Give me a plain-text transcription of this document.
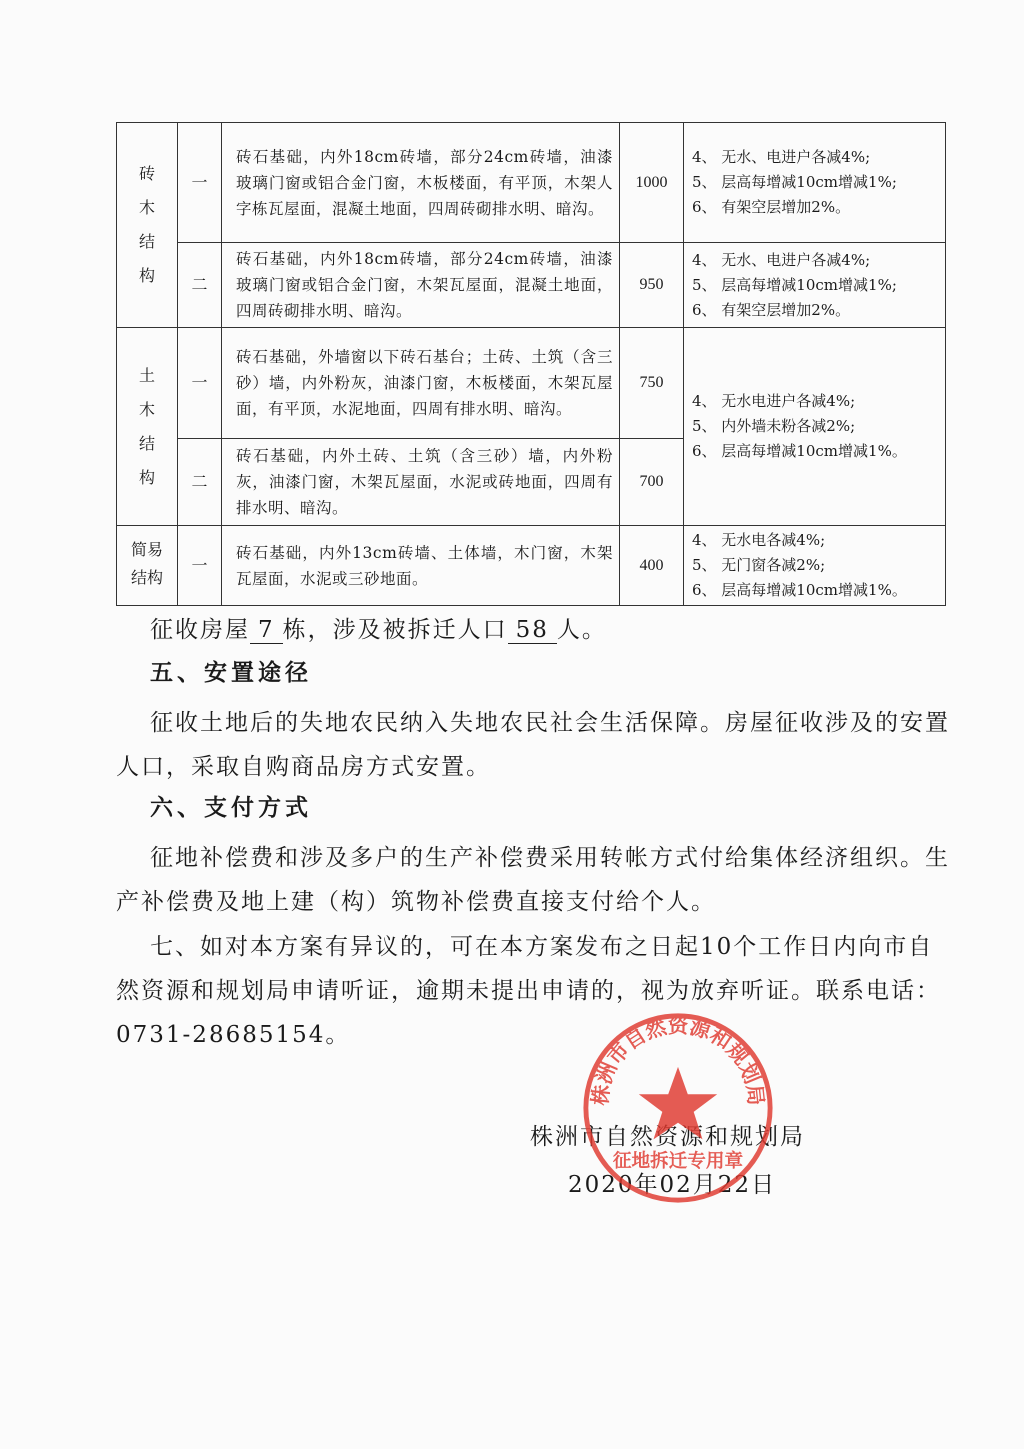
砖木结构	一	砖石基础，内外18cm砖墙，部分24cm砖墙，油漆玻璃门窗或铝合金门窗，木板楼面，有平顶，木架人字栋瓦屋面，混凝土地面，四周砖砌排水明、暗沟。	1000	4、 无水、电进户各减4%;
5、 层高每增减10cm增减1%;
6、 有架空层增加2%。

	二	砖石基础，内外18cm砖墙，部分24cm砖墙，油漆玻璃门窗或铝合金门窗，木架瓦屋面，混凝土地面，四周砖砌排水明、暗沟。	950	4、 无水、电进户各减4%;
5、 层高每增减10cm增减1%;
6、 有架空层增加2%。

土木结构	一	砖石基础，外墙窗以下砖石基台；土砖、土筑（含三砂）墙，内外粉灰，油漆门窗，木板楼面，木架瓦屋面，有平顶，水泥地面，四周有排水明、暗沟。	750	4、 无水电进户各减4%;
5、 内外墙未粉各减2%;
6、 层高每增减10cm增减1%。

	二	砖石基础，内外土砖、土筑（含三砂）墙，内外粉灰，油漆门窗，木架瓦屋面，水泥或砖地面，四周有排水明、暗沟。	700	
简易结构	一	砖石基础，内外13cm砖墙、土体墙，木门窗，木架瓦屋面，水泥或三砂地面。	400	4、 无水电各减4%;
5、 无门窗各减2%;
6、 层高每增减10cm增减1%。
征收房屋 7 栋，涉及被拆迁人口 58 人。
五、安置途径
征收土地后的失地农民纳入失地农民社会生活保障。房屋征收涉及的安置人口，采取自购商品房方式安置。
六、支付方式
征地补偿费和涉及多户的生产补偿费采用转帐方式付给集体经济组织。生产补偿费及地上建（构）筑物补偿费直接支付给个人。
七、如对本方案有异议的，可在本方案发布之日起10个工作日内向市自然资源和规划局申请听证，逾期未提出申请的，视为放弃听证。联系电话：0731-28685154。
株洲市自然资源和规划局
2020年02月22日
株洲市自然资源和规划局
征地拆迁专用章
